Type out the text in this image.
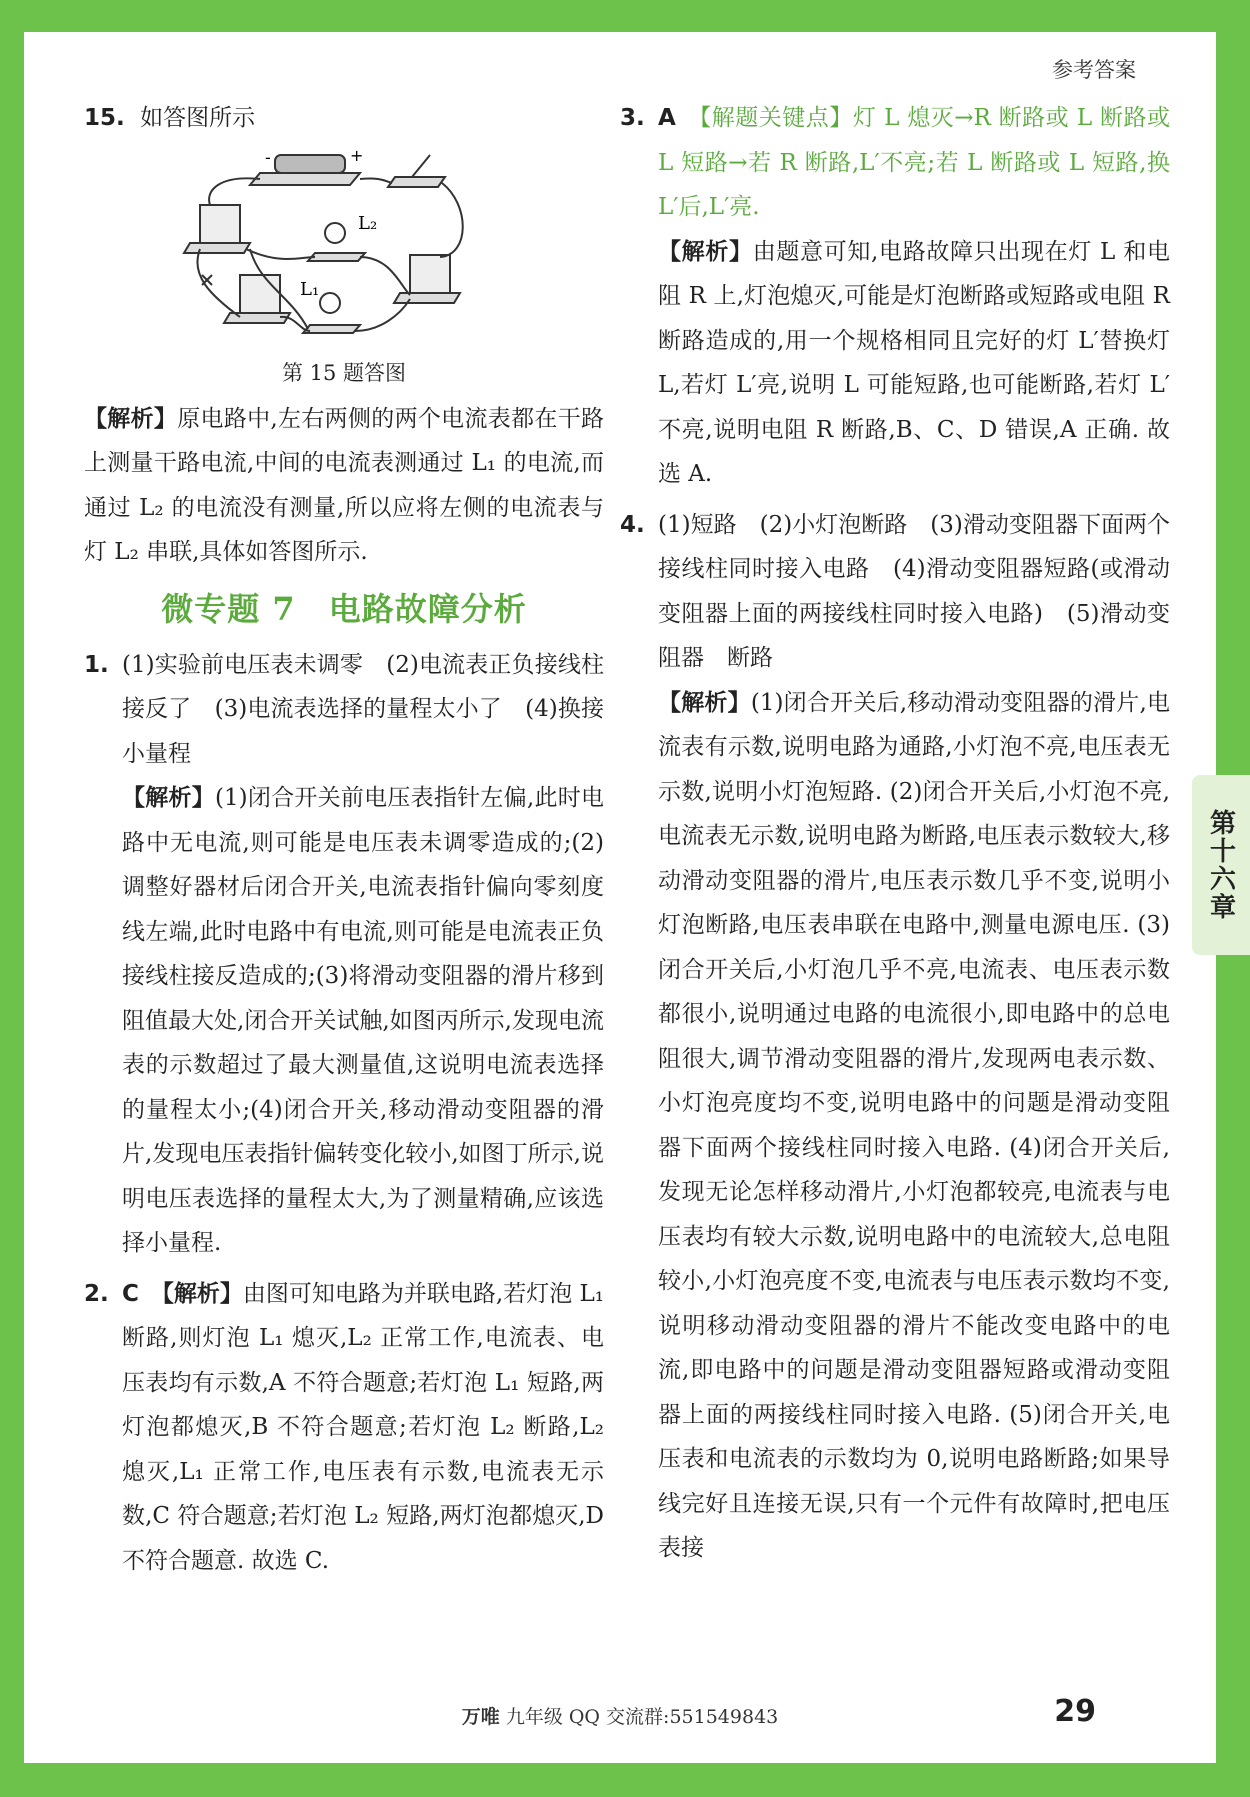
参考答案
15. 如答图所示
-	+
L₂
L₁
第 15 题答图
【解析】原电路中,左右两侧的两个电流表都在干路上测量干路电流,中间的电流表测通过 L₁ 的电流,而通过 L₂ 的电流没有测量,所以应将左侧的电流表与灯 L₂ 串联,具体如答图所示.
微专题 7　电路故障分析
1. (1)实验前电压表未调零　(2)电流表正负接线柱接反了　(3)电流表选择的量程太小了　(4)换接小量程
【解析】(1)闭合开关前电压表指针左偏,此时电路中无电流,则可能是电压表未调零造成的;(2)调整好器材后闭合开关,电流表指针偏向零刻度线左端,此时电路中有电流,则可能是电流表正负接线柱接反造成的;(3)将滑动变阻器的滑片移到阻值最大处,闭合开关试触,如图丙所示,发现电流表的示数超过了最大测量值,这说明电流表选择的量程太小;(4)闭合开关,移动滑动变阻器的滑片,发现电压表指针偏转变化较小,如图丁所示,说明电压表选择的量程太大,为了测量精确,应该选择小量程.
2. C 【解析】由图可知电路为并联电路,若灯泡 L₁ 断路,则灯泡 L₁ 熄灭,L₂ 正常工作,电流表、电压表均有示数,A 不符合题意;若灯泡 L₁ 短路,两灯泡都熄灭,B 不符合题意;若灯泡 L₂ 断路,L₂ 熄灭,L₁ 正常工作,电压表有示数,电流表无示数,C 符合题意;若灯泡 L₂ 短路,两灯泡都熄灭,D 不符合题意. 故选 C.
3. A 【解题关键点】灯 L 熄灭→R 断路或 L 断路或 L 短路→若 R 断路,L′不亮;若 L 断路或 L 短路,换 L′后,L′亮.
【解析】由题意可知,电路故障只出现在灯 L 和电阻 R 上,灯泡熄灭,可能是灯泡断路或短路或电阻 R 断路造成的,用一个规格相同且完好的灯 L′替换灯 L,若灯 L′亮,说明 L 可能短路,也可能断路,若灯 L′不亮,说明电阻 R 断路,B、C、D 错误,A 正确. 故选 A.
4. (1)短路　(2)小灯泡断路　(3)滑动变阻器下面两个接线柱同时接入电路　(4)滑动变阻器短路(或滑动变阻器上面的两接线柱同时接入电路)　(5)滑动变阻器　断路
【解析】(1)闭合开关后,移动滑动变阻器的滑片,电流表有示数,说明电路为通路,小灯泡不亮,电压表无示数,说明小灯泡短路. (2)闭合开关后,小灯泡不亮,电流表无示数,说明电路为断路,电压表示数较大,移动滑动变阻器的滑片,电压表示数几乎不变,说明小灯泡断路,电压表串联在电路中,测量电源电压. (3)闭合开关后,小灯泡几乎不亮,电流表、电压表示数都很小,说明通过电路的电流很小,即电路中的总电阻很大,调节滑动变阻器的滑片,发现两电表示数、小灯泡亮度均不变,说明电路中的问题是滑动变阻器下面两个接线柱同时接入电路. (4)闭合开关后,发现无论怎样移动滑片,小灯泡都较亮,电流表与电压表均有较大示数,说明电路中的电流较大,总电阻较小,小灯泡亮度不变,电流表与电压表示数均不变,说明移动滑动变阻器的滑片不能改变电路中的电流,即电路中的问题是滑动变阻器短路或滑动变阻器上面的两接线柱同时接入电路. (5)闭合开关,电压表和电流表的示数均为 0,说明电路断路;如果导线完好且连接无误,只有一个元件有故障时,把电压表接
万唯 九年级 QQ 交流群:551549843	29
第十六章
